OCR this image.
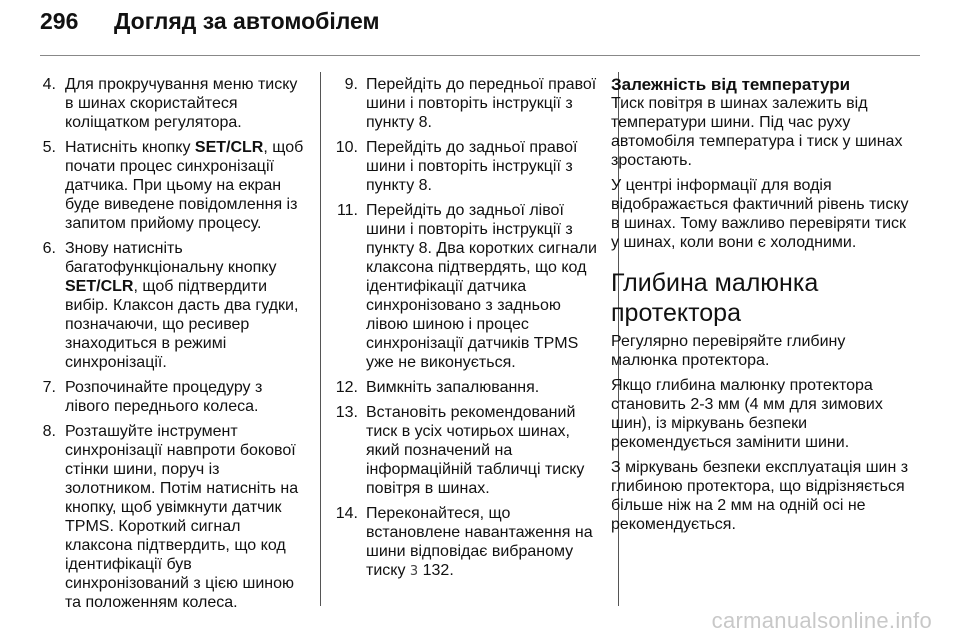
296 Догляд за автомобілем
4. Для прокручування меню тиску в шинах скористайтеся коліщатком регулятора.
5. Натисніть кнопку SET/CLR, щоб почати процес синхронізації датчика. При цьому на екран буде виведене повідомлення із запитом прийому процесу.
6. Знову натисніть багатофункціональну кнопку SET/CLR, щоб підтвердити вибір. Клаксон дасть два гудки, позначаючи, що ресивер знаходиться в режимі синхронізації.
7. Розпочинайте процедуру з лівого переднього колеса.
8. Розташуйте інструмент синхронізації навпроти бокової стінки шини, поруч із золотником. Потім натисніть на кнопку, щоб увімкнути датчик TPMS. Короткий сигнал клаксона підтвердить, що код ідентифікації був синхронізований з цією шиною та положенням колеса.
9. Перейдіть до передньої правої шини і повторіть інструкції з пункту 8.
10. Перейдіть до задньої правої шини і повторіть інструкції з пункту 8.
11. Перейдіть до задньої лівої шини і повторіть інструкції з пункту 8. Два коротких сигнали клаксона підтвердять, що код ідентифікації датчика синхронізовано з задньою лівою шиною і процес синхронізації датчиків TPMS уже не виконується.
12. Вимкніть запалювання.
13. Встановіть рекомендований тиск в усіх чотирьох шинах, який позначений на інформаційній табличці тиску повітря в шинах.
14. Переконайтеся, що встановлене навантаження на шини відповідає вибраному тиску 3 132.
Залежність від температури

Тиск повітря в шинах залежить від температури шини. Під час руху автомобіля температура і тиск у шинах зростають.

У центрі інформації для водія відображається фактичний рівень тиску в шинах. Тому важливо перевіряти тиск у шинах, коли вони є холодними.

Глибина малюнка протектора

Регулярно перевіряйте глибину малюнка протектора.

Якщо глибина малюнку протектора становить 2-3 мм (4 мм для зимових шин), із міркувань безпеки рекомендується замінити шини.

З міркувань безпеки експлуатація шин з глибиною протектора, що відрізняється більше ніж на 2 мм на одній осі не рекомендується.

carmanualsonline.info
